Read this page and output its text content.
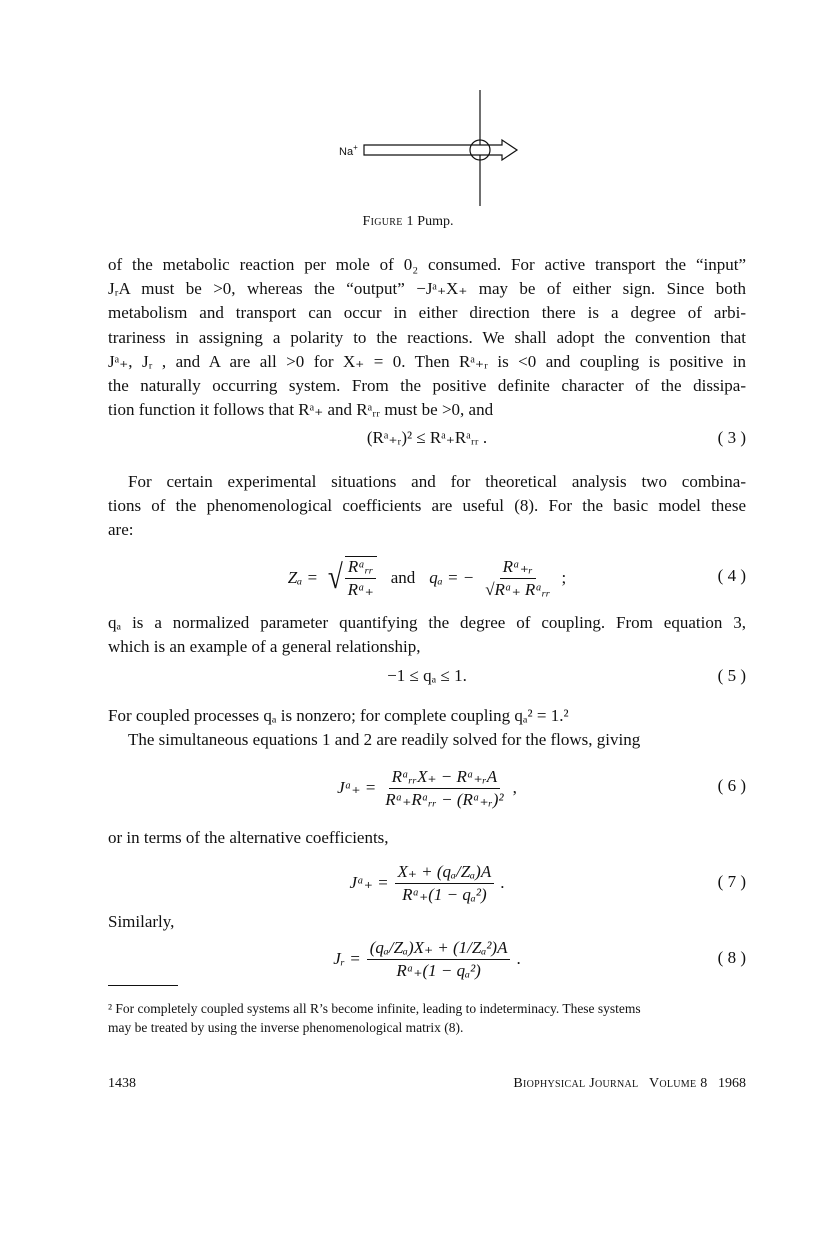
Na+
Figure 1 Pump.
of the metabolic reaction per mole of 0₂ consumed. For active transport the “input”
JᵣA must be >0, whereas the “output” −Jᵃ₊X₊ may be of either sign. Since both
metabolism and transport can occur in either direction there is a degree of arbi-
trariness in assigning a polarity to the reactions. We shall adopt the convention that
Jᵃ₊, Jᵣ , and A are all >0 for X₊ = 0. Then Rᵃ₊ᵣ is <0 and coupling is positive in
the naturally occurring system. From the positive definite character of the dissipa-
tion function it follows that Rᵃ₊ and Rᵃᵣᵣ must be >0, and
(Rᵃ₊ᵣ)² ≤ Rᵃ₊Rᵃᵣᵣ .	( 3 )
For certain experimental situations and for theoretical analysis two combina-
tions of the phenomenological coefficients are useful (8). For the basic model these
are:
Zₐ = √ $\frac{\text{Rᵃᵣᵣ}}{\text{Rᵃ₊}}$ and qₐ = − $\frac{\text{Rᵃ₊ᵣ}}{\text{√Rᵃ₊ Rᵃᵣᵣ}}$ ;	( 4 )
qₐ is a normalized parameter quantifying the degree of coupling. From equation 3,
which is an example of a general relationship,
−1 ≤ qₐ ≤ 1.	( 5 )
For coupled processes qₐ is nonzero; for complete coupling qₐ² = 1.²
The simultaneous equations 1 and 2 are readily solved for the flows, giving
Jᵃ₊ = $\frac{\text{RᵃᵣᵣX₊ − Rᵃ₊ᵣA}}{\text{Rᵃ₊Rᵃᵣᵣ − (Rᵃ₊ᵣ)²}}$ ,	( 6 )
or in terms of the alternative coefficients,
Jᵃ₊ = $\frac{\text{X₊ + (qₐ/Zₐ)A}}{\text{Rᵃ₊(1 − qₐ²)}}$ .	( 7 )
Similarly,
Jᵣ = $\frac{\text{(qₐ/Zₐ)X₊ + (1/Zₐ²)A}}{\text{Rᵃ₊(1 − qₐ²)}}$ .	( 8 )
² For completely coupled systems all R’s become infinite, leading to indeterminacy. These systems
may be treated by using the inverse phenomenological matrix (8).
1438	Biophysical Journal Volume 8 1968
